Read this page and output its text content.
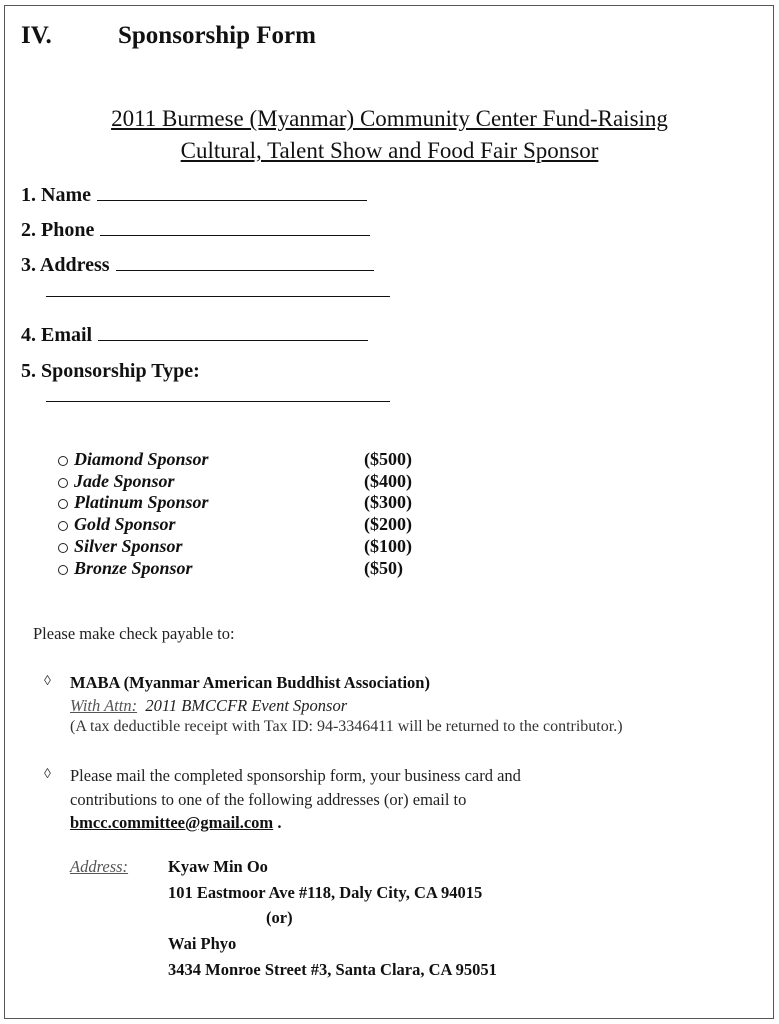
IV.	Sponsorship Form
2011 Burmese (Myanmar) Community Center Fund-Raising
Cultural, Talent Show and Food Fair Sponsor
1. Name
2. Phone
3. Address
4. Email
5. Sponsorship Type:
Diamond Sponsor	($500)
Jade Sponsor	($400)
Platinum Sponsor	($300)
Gold Sponsor	($200)
Silver Sponsor	($100)
Bronze Sponsor	($50)
Please make check payable to:
◊ MABA (Myanmar American Buddhist Association)
With Attn: 2011 BMCCFR Event Sponsor
(A tax deductible receipt with Tax ID: 94-3346411 will be returned to the contributor.)
◊ Please mail the completed sponsorship form, your business card and
contributions to one of the following addresses (or) email to
bmcc.committee@gmail.com .
Address: Kyaw Min Oo
101 Eastmoor Ave #118, Daly City, CA 94015
(or)
Wai Phyo
3434 Monroe Street #3, Santa Clara, CA 95051
